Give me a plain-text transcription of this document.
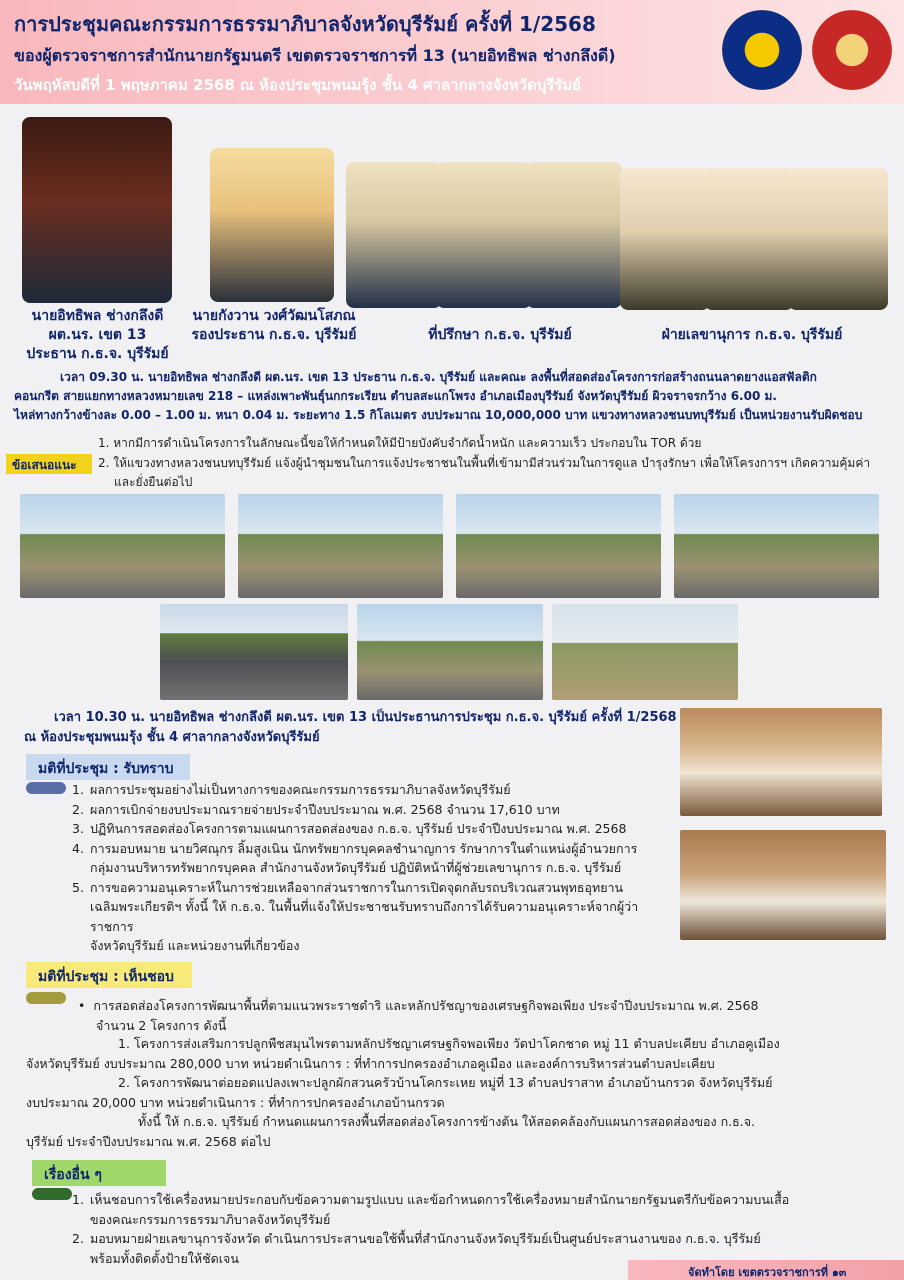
การประชุมคณะกรรมการธรรมาภิบาลจังหวัดบุรีรัมย์ ครั้งที่ 1/2568
ของผู้ตรวจราชการสำนักนายกรัฐมนตรี เขตตรวจราชการที่ 13 (นายอิทธิพล ช่างกลึงดี)
วันพฤหัสบดีที่ 1 พฤษภาคม 2568 ณ ห้องประชุมพนมรุ้ง ชั้น 4 ศาลากลางจังหวัดบุรีรัมย์
นายอิทธิพล ช่างกลึงดี
ผต.นร. เขต 13
ประธาน ก.ธ.จ. บุรีรัมย์
นายกังวาน วงศ์วัฒนโสภณ
รองประธาน ก.ธ.จ. บุรีรัมย์	ที่ปรึกษา ก.ธ.จ. บุรีรัมย์	ฝ่ายเลขานุการ ก.ธ.จ. บุรีรัมย์
เวลา 09.30 น. นายอิทธิพล ช่างกลึงดี ผต.นร. เขต 13 ประธาน ก.ธ.จ. บุรีรัมย์ และคณะ ลงพื้นที่สอดส่องโครงการก่อสร้างถนนลาดยางแอสฟัลติก
คอนกรีต สายแยกทางหลวงหมายเลข 218 – แหล่งเพาะพันธุ์นกกระเรียน ตำบลสะแกโพรง อำเภอเมืองบุรีรัมย์ จังหวัดบุรีรัมย์ ผิวจราจรกว้าง 6.00 ม.
ไหล่ทางกว้างข้างละ 0.00 – 1.00 ม. หนา 0.04 ม. ระยะทาง 1.5 กิโลเมตร งบประมาณ 10,000,000 บาท แขวงทางหลวงชนบทบุรีรัมย์ เป็นหน่วยงานรับผิดชอบ
ข้อเสนอแนะ
1. หากมีการดำเนินโครงการในลักษณะนี้ขอให้กำหนดให้มีป้ายบังคับจำกัดน้ำหนัก และความเร็ว ประกอบใน TOR ด้วย
2. ให้แขวงทางหลวงชนบทบุรีรัมย์ แจ้งผู้นำชุมชนในการแจ้งประชาชนในพื้นที่เข้ามามีส่วนร่วมในการดูแล บำรุงรักษา เพื่อให้โครงการฯ เกิดความคุ้มค่า
และยั่งยืนต่อไป
เวลา 10.30 น. นายอิทธิพล ช่างกลึงดี ผต.นร. เขต 13 เป็นประธานการประชุม ก.ธ.จ. บุรีรัมย์ ครั้งที่ 1/2568
ณ ห้องประชุมพนมรุ้ง ชั้น 4 ศาลากลางจังหวัดบุรีรัมย์
มติที่ประชุม : รับทราบ
1. ผลการประชุมอย่างไม่เป็นทางการของคณะกรรมการธรรมาภิบาลจังหวัดบุรีรัมย์
2. ผลการเบิกจ่ายงบประมาณรายจ่ายประจำปีงบประมาณ พ.ศ. 2568 จำนวน 17,610 บาท
3. ปฏิทินการสอดส่องโครงการตามแผนการสอดส่องของ ก.ธ.จ. บุรีรัมย์ ประจำปีงบประมาณ พ.ศ. 2568
4. การมอบหมาย นายวิศณุกร ลิ้มสูงเนิน นักทรัพยากรบุคคลชำนาญการ รักษาการในตำแหน่งผู้อำนวยการ
กลุ่มงานบริหารทรัพยากรบุคคล สำนักงานจังหวัดบุรีรัมย์ ปฏิบัติหน้าที่ผู้ช่วยเลขานุการ ก.ธ.จ. บุรีรัมย์
5. การขอความอนุเคราะห์ในการช่วยเหลือจากส่วนราชการในการเปิดจุดกลับรถบริเวณสวนพุทธอุทยาน
เฉลิมพระเกียรติฯ ทั้งนี้ ให้ ก.ธ.จ. ในพื้นที่แจ้งให้ประชาชนรับทราบถึงการได้รับความอนุเคราะห์จากผู้ว่าราชการ
จังหวัดบุรีรัมย์ และหน่วยงานที่เกี่ยวข้อง
มติที่ประชุม : เห็นชอบ
• การสอดส่องโครงการพัฒนาพื้นที่ตามแนวพระราชดำริ และหลักปรัชญาของเศรษฐกิจพอเพียง ประจำปีงบประมาณ พ.ศ. 2568
จำนวน 2 โครงการ ดังนี้
1. โครงการส่งเสริมการปลูกพืชสมุนไพรตามหลักปรัชญาเศรษฐกิจพอเพียง วัดป่าโคกชาด หมู่ 11 ตำบลปะเคียบ อำเภอคูเมือง
จังหวัดบุรีรัมย์ งบประมาณ 280,000 บาท หน่วยดำเนินการ : ที่ทำการปกครองอำเภอคูเมือง และองค์การบริหารส่วนตำบลปะเคียบ
2. โครงการพัฒนาต่อยอดแปลงเพาะปลูกผักสวนครัวบ้านโคกระเหย หมู่ที่ 13 ตำบลปราสาท อำเภอบ้านกรวด จังหวัดบุรีรัมย์
งบประมาณ 20,000 บาท หน่วยดำเนินการ : ที่ทำการปกครองอำเภอบ้านกรวด
ทั้งนี้ ให้ ก.ธ.จ. บุรีรัมย์ กำหนดแผนการลงพื้นที่สอดส่องโครงการข้างต้น ให้สอดคล้องกับแผนการสอดส่องของ ก.ธ.จ.
บุรีรัมย์ ประจำปีงบประมาณ พ.ศ. 2568 ต่อไป
เรื่องอื่น ๆ
1. เห็นชอบการใช้เครื่องหมายประกอบกับข้อความตามรูปแบบ และข้อกำหนดการใช้เครื่องหมายสำนักนายกรัฐมนตรีกับข้อความบนเสื้อ
ของคณะกรรมการธรรมาภิบาลจังหวัดบุรีรัมย์
2. มอบหมายฝ่ายเลขานุการจังหวัด ดำเนินการประสานขอใช้พื้นที่สำนักงานจังหวัดบุรีรัมย์เป็นศูนย์ประสานงานของ ก.ธ.จ. บุรีรัมย์
พร้อมทั้งติดตั้งป้ายให้ชัดเจน
จัดทำโดย เขตตรวจราชการที่ ๑๓
